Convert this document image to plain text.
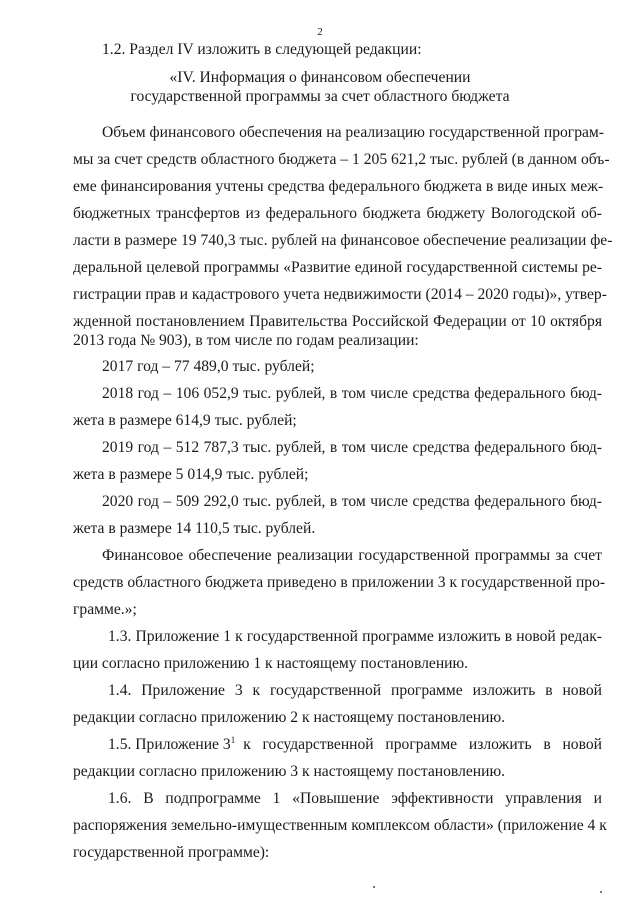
2
1.2. Раздел IV изложить в следующей редакции:
«IV. Информация о финансовом обеспечении
государственной программы за счет областного бюджета
Объем финансового обеспечения на реализацию государственной програм-
мы за счет средств областного бюджета – 1 205 621,2 тыс. рублей (в данном объ-
еме финансирования учтены средства федерального бюджета в виде иных меж-
бюджетных трансфертов из федерального бюджета бюджету Вологодской об-
ласти в размере 19 740,3 тыс. рублей на финансовое обеспечение реализации фе-
деральной целевой программы «Развитие единой государственной системы ре-
гистрации прав и кадастрового учета недвижимости (2014 – 2020 годы)», утвер-
жденной постановлением Правительства Российской Федерации от 10 октября
2013 года № 903), в том числе по годам реализации:
2017 год – 77 489,0 тыс. рублей;
2018 год – 106 052,9 тыс. рублей, в том числе средства федерального бюд-
жета в размере 614,9 тыс. рублей;
2019 год – 512 787,3 тыс. рублей, в том числе средства федерального бюд-
жета в размере 5 014,9 тыс. рублей;
2020 год – 509 292,0 тыс. рублей, в том числе средства федерального бюд-
жета в размере 14 110,5 тыс. рублей.
Финансовое обеспечение реализации государственной программы за счет
средств областного бюджета приведено в приложении 3 к государственной про-
грамме.»;
1.3. Приложение 1 к государственной программе изложить в новой редак-
ции согласно приложению 1 к настоящему постановлению.
1.4. Приложение 3 к государственной программе изложить в новой
редакции согласно приложению 2 к настоящему постановлению.
1.5. Приложение $3^1$ к государственной программе изложить в новой
редакции согласно приложению 3 к настоящему постановлению.
1.6. В подпрограмме 1 «Повышение эффективности управления и
распоряжения земельно-имущественным комплексом области» (приложение 4 к
государственной программе):
